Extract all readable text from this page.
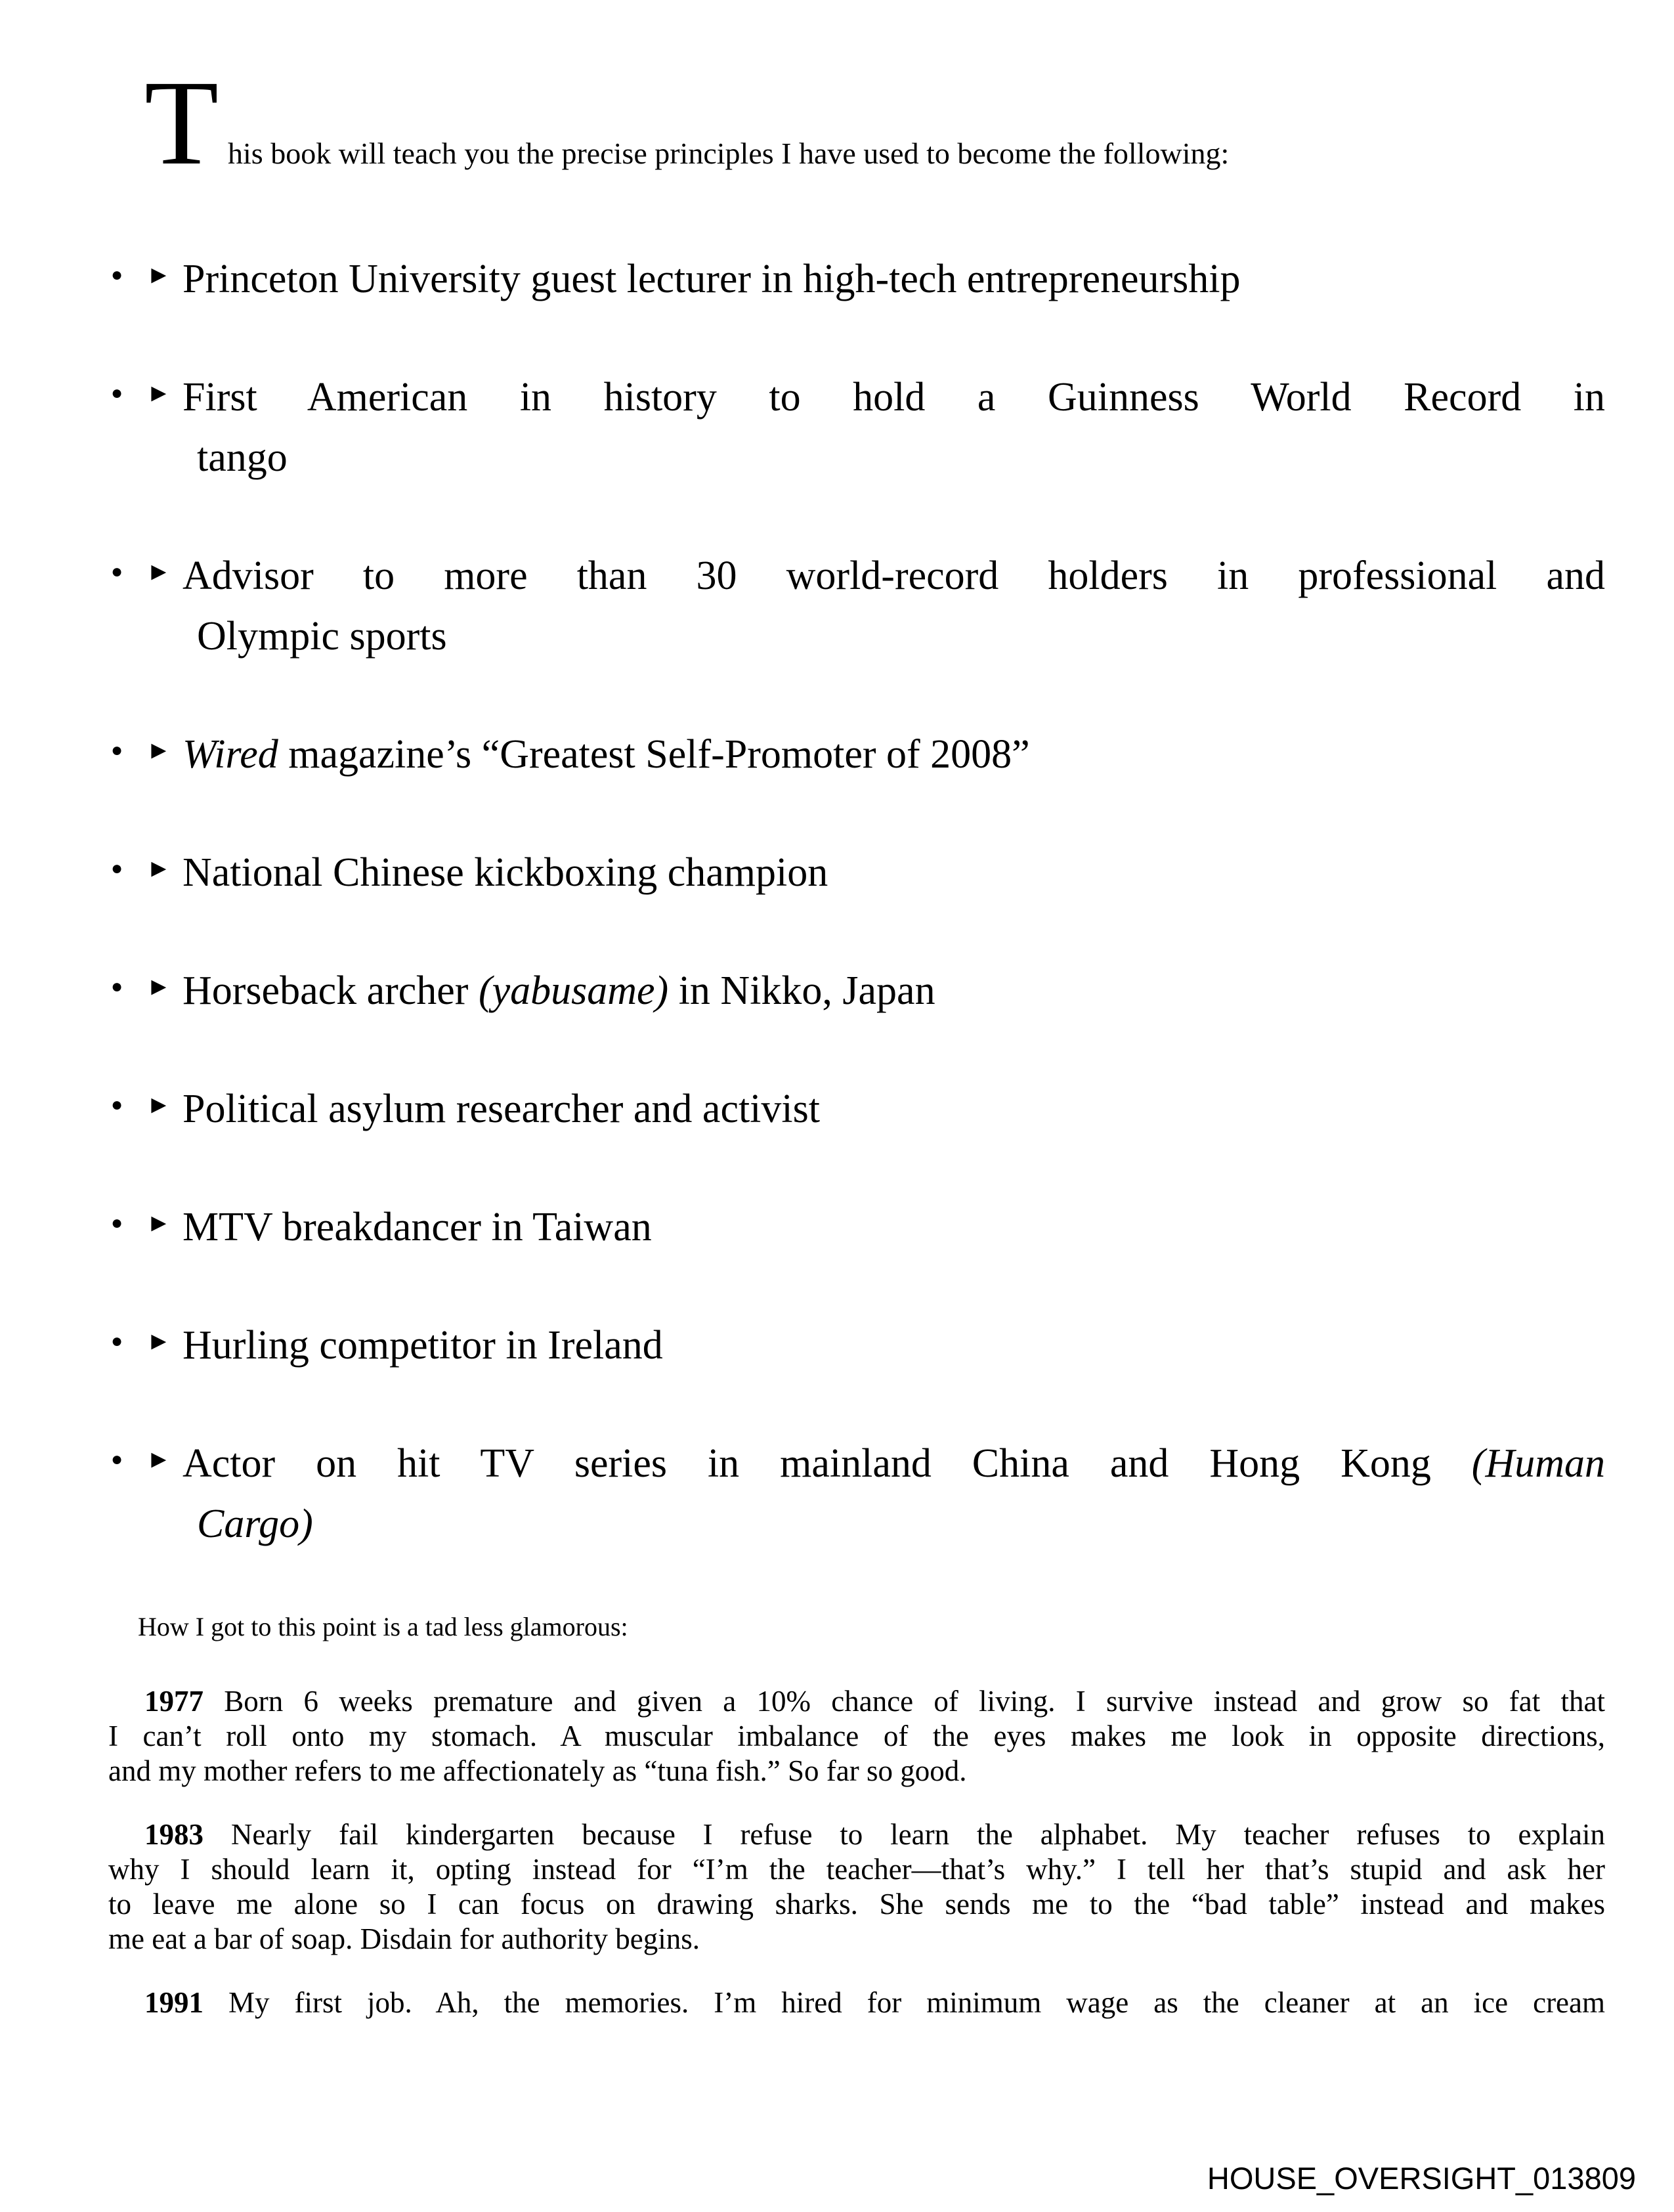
This book will teach you the precise principles I have used to become the following:

● ► Princeton University guest lecturer in high-tech entrepreneurship
● ► First American in history to hold a Guinness World Record in
tango
● ► Advisor to more than 30 world-record holders in professional and
Olympic sports
● ► Wired magazine’s “Greatest Self-Promoter of 2008”
● ► National Chinese kickboxing champion
● ► Horseback archer (yabusame) in Nikko, Japan
● ► Political asylum researcher and activist
● ► MTV breakdancer in Taiwan
● ► Hurling competitor in Ireland
● ► Actor on hit TV series in mainland China and Hong Kong (Human
Cargo)

How I got to this point is a tad less glamorous:

1977 Born 6 weeks premature and given a 10% chance of living. I survive instead and grow so fat that
I can’t roll onto my stomach. A muscular imbalance of the eyes makes me look in opposite directions,
and my mother refers to me affectionately as “tuna fish.” So far so good.

1983 Nearly fail kindergarten because I refuse to learn the alphabet. My teacher refuses to explain
why I should learn it, opting instead for “I’m the teacher—that’s why.” I tell her that’s stupid and ask her
to leave me alone so I can focus on drawing sharks. She sends me to the “bad table” instead and makes
me eat a bar of soap. Disdain for authority begins.

1991 My first job. Ah, the memories. I’m hired for minimum wage as the cleaner at an ice cream

HOUSE_OVERSIGHT_013809
